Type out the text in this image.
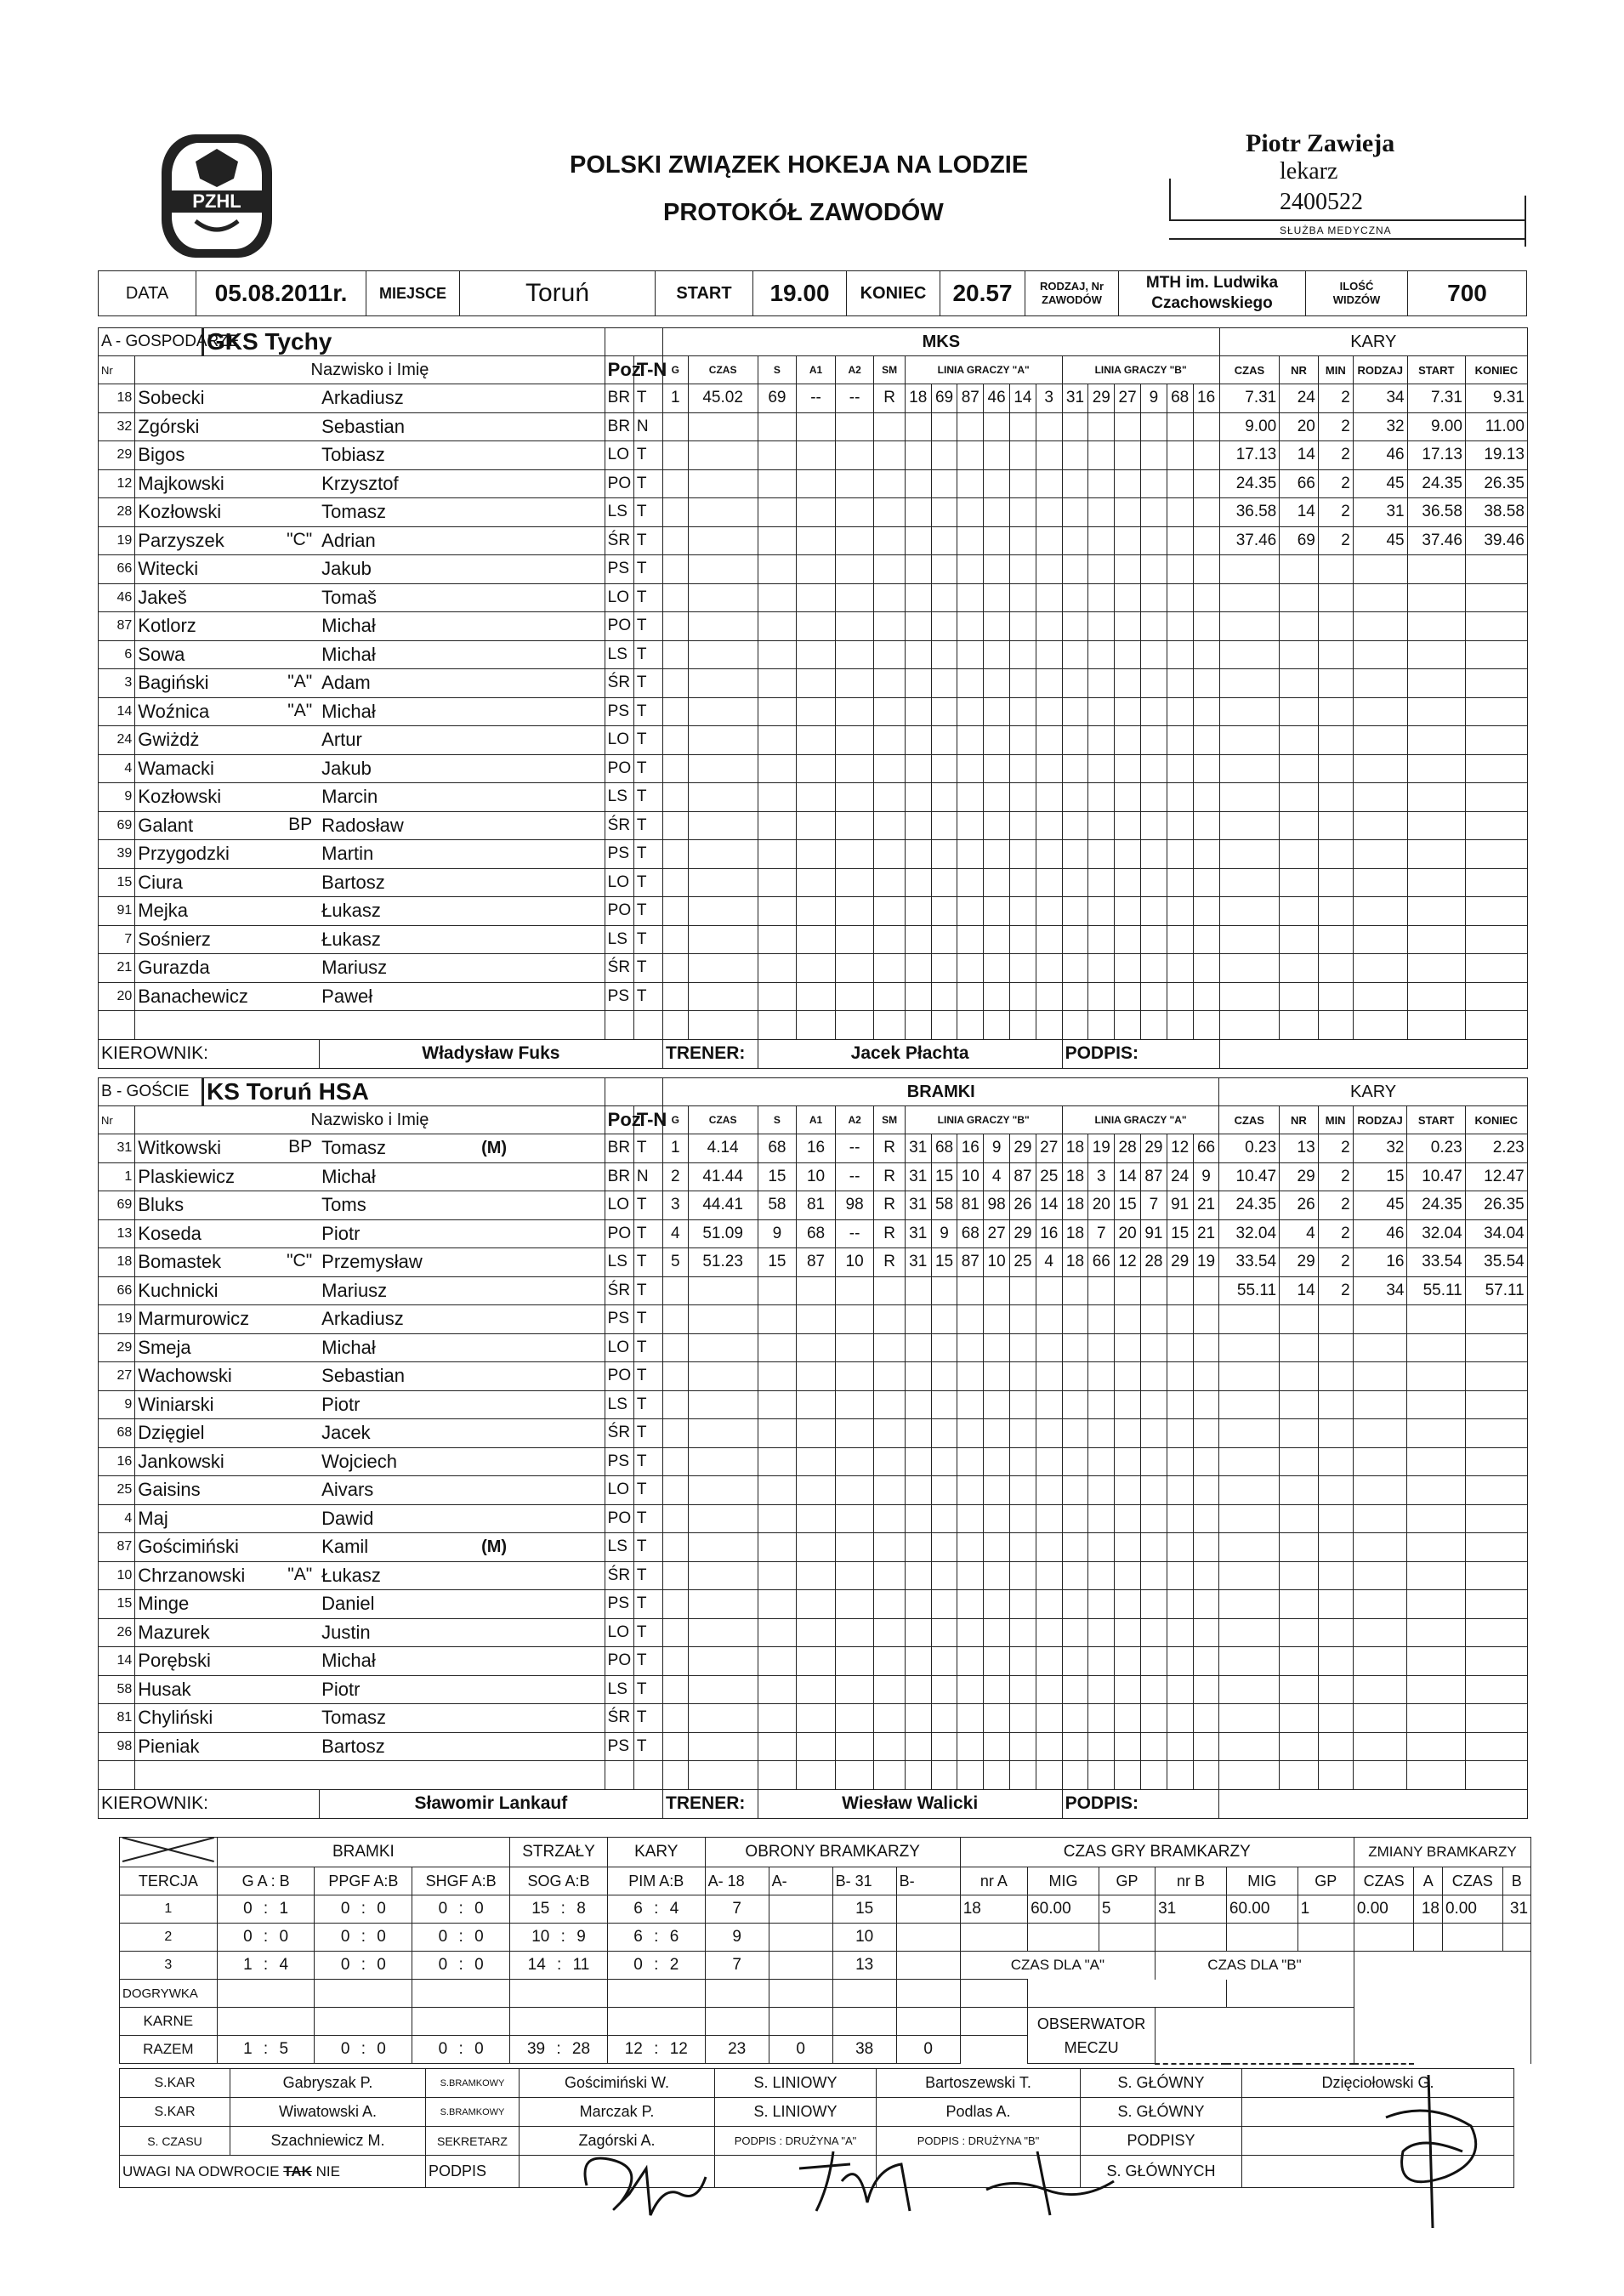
PZHL
POLSKI ZWIĄZEK HOKEJA NA LODZIE
PROTOKÓŁ ZAWODÓW
Piotr Zawieja
lekarz
2400522
SŁUŻBA MEDYCZNA
DATA	05.08.2011r.	MIEJSCE	Toruń	START	19.00	KONIEC	20.57	RODZAJ, Nr
ZAWODÓW

MTH im. Ludwika
Czachowskiego

ILOŚĆ
WIDZÓW	700
A - GOSPODARZE		GKS Tychy					MKS																		KARY					
Nr	Nazwisko i Imię				Poz	T-N	G	CZAS	S	A1	A2	SM	LINIA GRACZY "A"						LINIA GRACZY "B"						CZAS	NR	MIN	RODZAJ	START	KONIEC
18	Sobecki		Arkadiusz		BR	T	1	45.02	69	--	--	R	18	69	87	46	14	3	31	29	27	9	68	16	7.31	24	2	34	7.31	9.31
32	Zgórski		Sebastian		BR	N																			9.00	20	2	32	9.00	11.00
29	Bigos		Tobiasz		LO	T																			17.13	14	2	46	17.13	19.13
12	Majkowski		Krzysztof		PO	T																			24.35	66	2	45	24.35	26.35
28	Kozłowski		Tomasz		LS	T																			36.58	14	2	31	36.58	38.58
19	Parzyszek "C"		Adrian		ŚR	T																			37.46	69	2	45	37.46	39.46
66	Witecki		Jakub		PS	T																								
46	Jakeš		Tomaš		LO	T																								
87	Kotlorz		Michał		PO	T																								
6	Sowa		Michał		LS	T																								
3	Bagiński "A"		Adam		ŚR	T																								
14	Woźnica "A"		Michał		PS	T																								
24	Gwiżdż		Artur		LO	T																								
4	Wamacki		Jakub		PO	T																								
9	Kozłowski		Marcin		LS	T																								
69	Galant BP		Radosław		ŚR	T																								
39	Przygodzki		Martin		PS	T																								
15	Ciura		Bartosz		LO	T																								
91	Mejka		Łukasz		PO	T																								
7	Sośnierz		Łukasz		LS	T																								
21	Gurazda		Mariusz		ŚR	T																								
20	Banachewicz		Paweł		PS	T																								

KIEROWNIK:			Władysław Fuks				TRENER:		Jacek Płachta										PODPIS:											
B - GOŚCIE		KS Toruń HSA					BRAMKI																		KARY					
Nr	Nazwisko i Imię				Poz	T-N	G	CZAS	S	A1	A2	SM	LINIA GRACZY "B"						LINIA GRACZY "A"						CZAS	NR	MIN	RODZAJ	START	KONIEC
31	Witkowski BP		Tomasz	(M)	BR	T	1	4.14	68	16	--	R	31	68	16	9	29	27	18	19	28	29	12	66	0.23	13	2	32	0.23	2.23
1	Plaskiewicz		Michał		BR	N	2	41.44	15	10	--	R	31	15	10	4	87	25	18	3	14	87	24	9	10.47	29	2	15	10.47	12.47
69	Bluks		Toms		LO	T	3	44.41	58	81	98	R	31	58	81	98	26	14	18	20	15	7	91	21	24.35	26	2	45	24.35	26.35
13	Koseda		Piotr		PO	T	4	51.09	9	68	--	R	31	9	68	27	29	16	18	7	20	91	15	21	32.04	4	2	46	32.04	34.04
18	Bomastek "C"		Przemysław		LS	T	5	51.23	15	87	10	R	31	15	87	10	25	4	18	66	12	28	29	19	33.54	29	2	16	33.54	35.54
66	Kuchnicki		Mariusz		ŚR	T																			55.11	14	2	34	55.11	57.11
19	Marmurowicz		Arkadiusz		PS	T																								
29	Smeja		Michał		LO	T																								
27	Wachowski		Sebastian		PO	T																								
9	Winiarski		Piotr		LS	T																								
68	Dzięgiel		Jacek		ŚR	T																								
16	Jankowski		Wojciech		PS	T																								
25	Gaisins		Aivars		LO	T																								
4	Maj		Dawid		PO	T																								
87	Gościmiński		Kamil	(M)	LS	T																								
10	Chrzanowski "A"		Łukasz		ŚR	T																								
15	Minge		Daniel		PS	T																								
26	Mazurek		Justin		LO	T																								
14	Porębski		Michał		PO	T																								
58	Husak		Piotr		LS	T																								
81	Chyliński		Tomasz		ŚR	T																								
98	Pieniak		Bartosz		PS	T																								

KIEROWNIK:			Sławomir Lankauf				TRENER:		Wiesław Walicki										PODPIS:											
	BRAMKI			STRZAŁY	KARY	OBRONY BRAMKARZY				CZAS GRY BRAMKARZY						ZMIANY BRAMKARZY			
TERCJA	G A : B	PPGF A:B	SHGF A:B	SOG A:B	PIM A:B	A- 18	A-	B- 31	B-	nr A	MIG	GP	nr B	MIG	GP	CZAS	A	CZAS	B
1	0 : 1	0 : 0	0 : 0	15 : 8	6 : 4	7		15		18	60.00	5	31	60.00	1	0.00	18	0.00	31
2	0 : 0	0 : 0	0 : 0	10 : 9	6 : 6	9		10											
3	1 : 4	0 : 0	0 : 0	14 : 11	0 : 2	7		13		CZAS DLA "A"			CZAS DLA "B"						
DOGRYWKA																			
KARNE											OBSERWATOR
MECZU								

RAZEM	1 : 5	0 : 0	0 : 0	39 : 28	12 : 12	23	0	38	0										
S.KAR	Gabryszak P.	S.BRAMKOWY	Gościmiński W.	S. LINIOWY	Bartoszewski T.	S. GŁÓWNY	Dzięciołowski G.
S.KAR	Wiwatowski A.	S.BRAMKOWY	Marczak P.	S. LINIOWY	Podlas A.	S. GŁÓWNY	
S. CZASU	Szachniewicz M.	SEKRETARZ	Zagórski A.	PODPIS : DRUŻYNA "A"	PODPIS : DRUŻYNA "B"	PODPISY	
UWAGI NA ODWROCIE TAK NIE		PODPIS				S. GŁÓWNYCH	
